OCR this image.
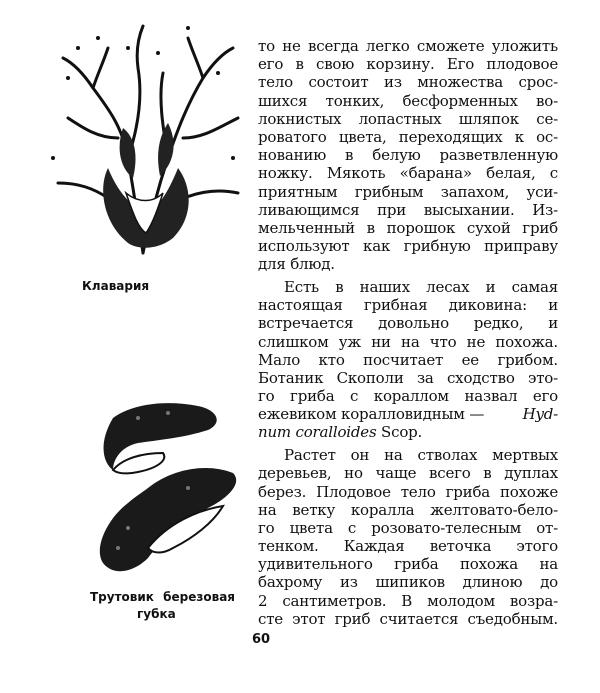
Клавария
Трутовик березовая
губка
то не всегда легко сможете уложить
его в свою корзину. Его плодовое
тело состоит из множества срос-
шихся тонких, бесформенных во-
локнистых лопастных шляпок се-
роватого цвета, переходящих к ос-
нованию в белую разветвленную
ножку. Мякоть «барана» белая, с
приятным грибным запахом, уси-
ливающимся при высыхании. Из-
мельченный в порошок сухой гриб
используют как грибную приправу
для блюд.
Есть в наших лесах и самая
настоящая грибная диковина: и
встречается довольно редко, и
слишком уж ни на что не похожа.
Мало кто посчитает ее грибом.
Ботаник Скополи за сходство это-
го гриба с кораллом назвал его
ежевиком коралловидным — Hyd-
num coralloides Scop.
Растет он на стволах мертвых
деревьев, но чаще всего в дуплах
берез. Плодовое тело гриба похоже
на ветку коралла желтовато-бело-
го цвета с розовато-телесным от-
тенком. Каждая веточка этого
удивительного гриба похожа на
бахрому из шипиков длиною до
2 сантиметров. В молодом возра-
сте этот гриб считается съедобным.
60
